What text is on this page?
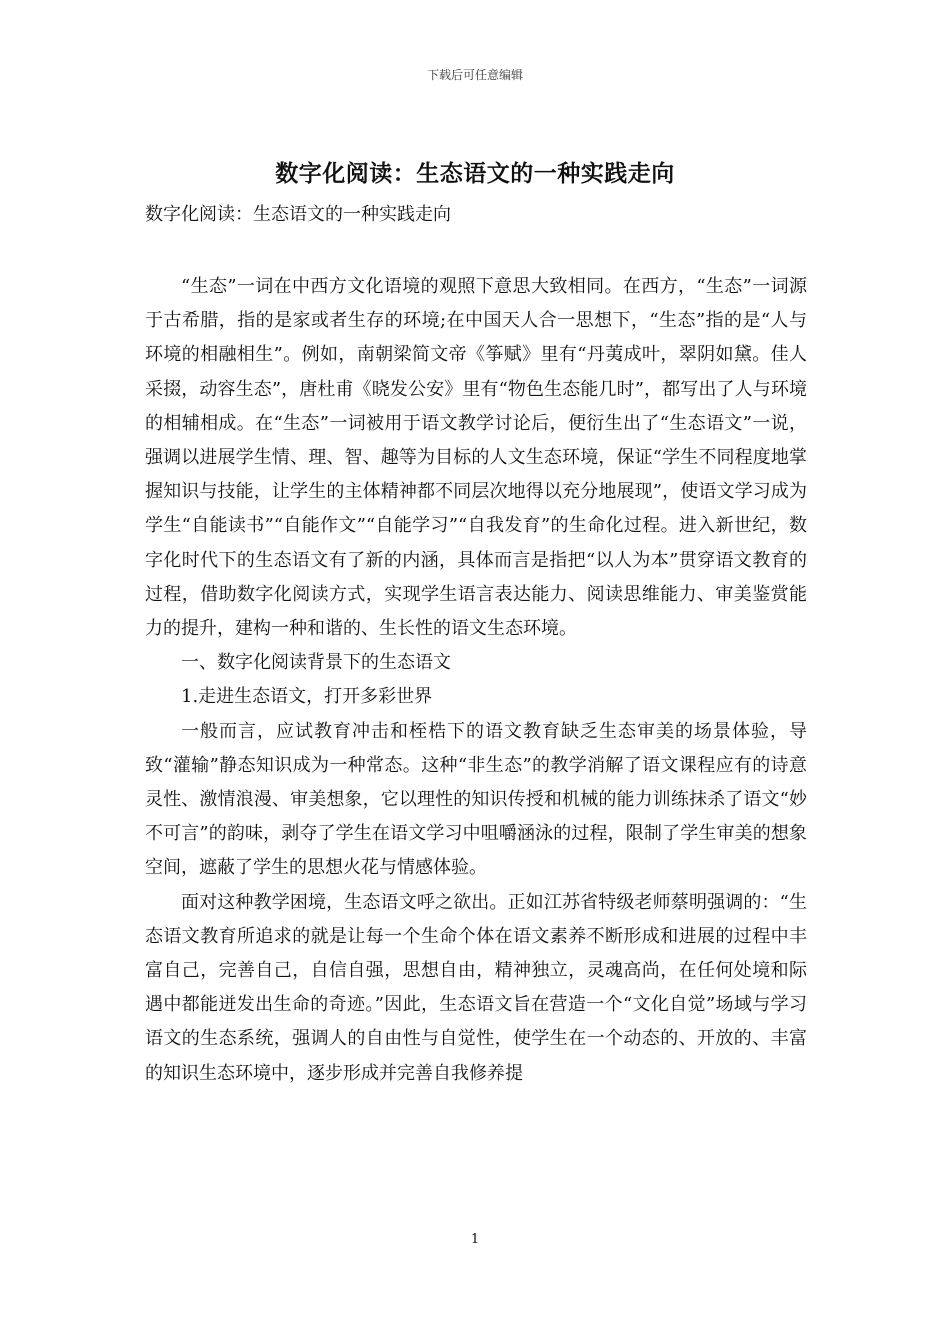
下载后可任意编辑
数字化阅读：生态语文的一种实践走向
数字化阅读：生态语文的一种实践走向

“生态”一词在中西方文化语境的观照下意思大致相同。在西方，“生态”一词源于古希腊，指的是家或者生存的环境;在中国天人合一思想下，“生态”指的是“人与环境的相融相生”。例如，南朝梁简文帝《筝赋》里有“丹荑成叶，翠阴如黛。佳人采掇，动容生态”，唐杜甫《晓发公安》里有“物色生态能几时”，都写出了人与环境的相辅相成。在“生态”一词被用于语文教学讨论后，便衍生出了“生态语文”一说，强调以进展学生情、理、智、趣等为目标的人文生态环境，保证“学生不同程度地掌握知识与技能，让学生的主体精神都不同层次地得以充分地展现”，使语文学习成为学生“自能读书”“自能作文”“自能学习”“自我发育”的生命化过程。进入新世纪，数字化时代下的生态语文有了新的内涵，具体而言是指把“以人为本”贯穿语文教育的过程，借助数字化阅读方式，实现学生语言表达能力、阅读思维能力、审美鉴赏能力的提升，建构一种和谐的、生长性的语文生态环境。

一、数字化阅读背景下的生态语文

1.走进生态语文，打开多彩世界

一般而言，应试教育冲击和桎梏下的语文教育缺乏生态审美的场景体验，导致“灌输”静态知识成为一种常态。这种“非生态”的教学消解了语文课程应有的诗意灵性、激情浪漫、审美想象，它以理性的知识传授和机械的能力训练抹杀了语文“妙不可言”的韵味，剥夺了学生在语文学习中咀嚼涵泳的过程，限制了学生审美的想象空间，遮蔽了学生的思想火花与情感体验。

面对这种教学困境，生态语文呼之欲出。正如江苏省特级老师蔡明强调的：“生态语文教育所追求的就是让每一个生命个体在语文素养不断形成和进展的过程中丰富自己，完善自己，自信自强，思想自由，精神独立，灵魂高尚，在任何处境和际遇中都能迸发出生命的奇迹。”因此，生态语文旨在营造一个“文化自觉”场域与学习语文的生态系统，强调人的自由性与自觉性，使学生在一个动态的、开放的、丰富的知识生态环境中，逐步形成并完善自我修养提

1
